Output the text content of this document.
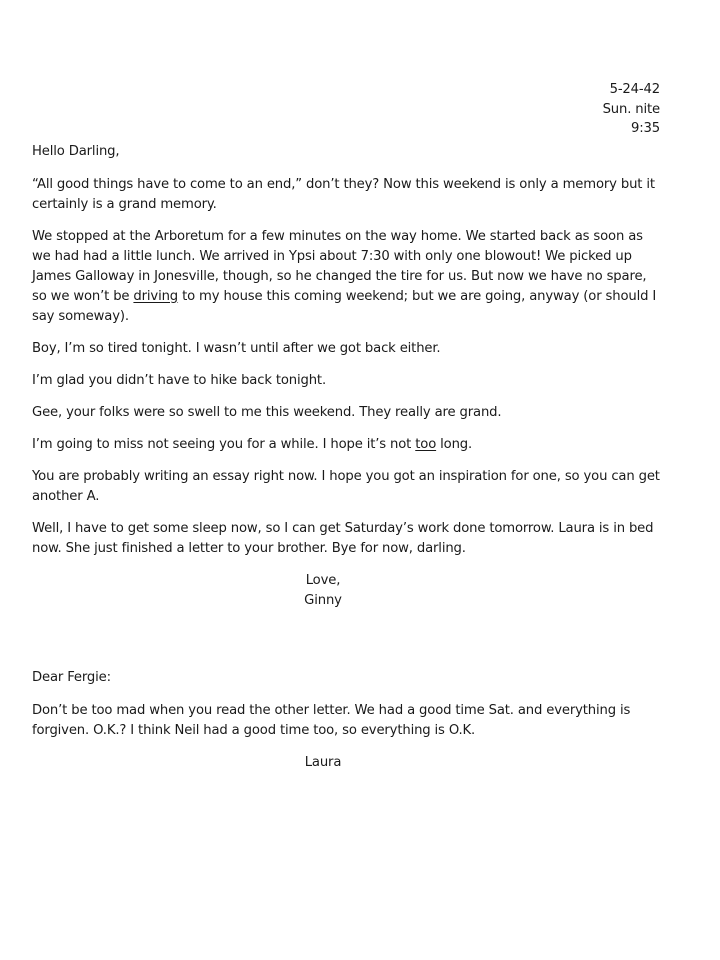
5-24-42
Sun. nite
9:35

Hello Darling,

“All good things have to come to an end,” don’t they? Now this weekend is only a memory but it certainly is a grand memory.

We stopped at the Arboretum for a few minutes on the way home. We started back as soon as we had had a little lunch. We arrived in Ypsi about 7:30 with only one blowout! We picked up James Galloway in Jonesville, though, so he changed the tire for us. But now we have no spare, so we won’t be driving to my house this coming weekend; but we are going, anyway (or should I say someway).

Boy, I’m so tired tonight. I wasn’t until after we got back either.

I’m glad you didn’t have to hike back tonight.

Gee, your folks were so swell to me this weekend. They really are grand.

I’m going to miss not seeing you for a while. I hope it’s not too long.

You are probably writing an essay right now. I hope you got an inspiration for one, so you can get another A.

Well, I have to get some sleep now, so I can get Saturday’s work done tomorrow. Laura is in bed now. She just finished a letter to your brother. Bye for now, darling.

Love,
Ginny

Dear Fergie:

Don’t be too mad when you read the other letter. We had a good time Sat. and everything is forgiven. O.K.? I think Neil had a good time too, so everything is O.K.

Laura
